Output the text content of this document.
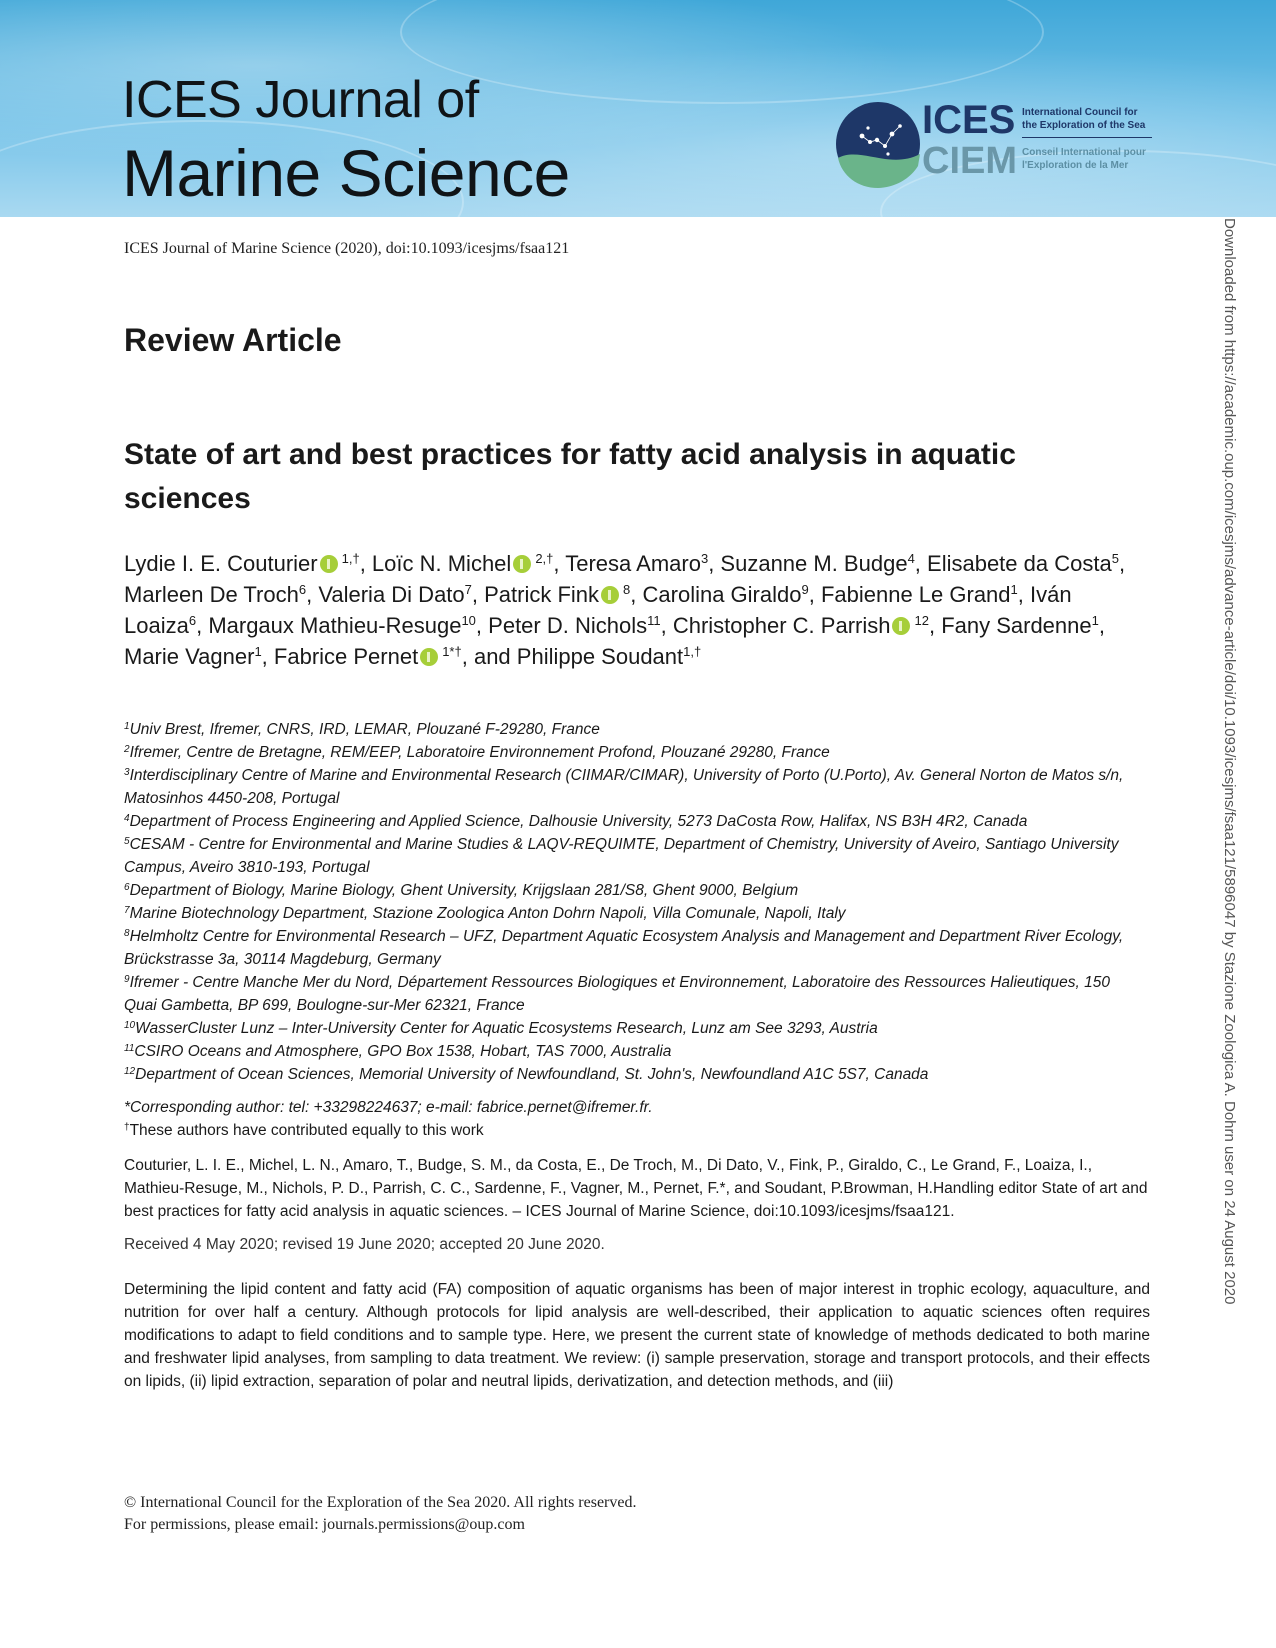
ICES Journal of
Marine Science
ICES
CIEM
International Council for the Exploration of the Sea
Conseil International pour l'Exploration de la Mer
ICES Journal of Marine Science (2020), doi:10.1093/icesjms/fsaa121
Review Article
State of art and best practices for fatty acid analysis in aquatic sciences
Lydie I. E. Couturier $^{1,\dagger}$, Loïc N. Michel $^{2,\dagger}$, Teresa Amaro$^3$, Suzanne M. Budge$^4$, Elisabete da Costa$^5$, Marleen De Troch$^6$, Valeria Di Dato$^7$, Patrick Fink $^8$, Carolina Giraldo$^9$, Fabienne Le Grand$^1$, Iván Loaiza$^6$, Margaux Mathieu-Resuge$^{10}$, Peter D. Nichols$^{11}$, Christopher C. Parrish $^{12}$, Fany Sardenne$^1$, Marie Vagner$^1$, Fabrice Pernet $^{1*\dagger}$, and Philippe Soudant$^{1,\dagger}$

$^1$Univ Brest, Ifremer, CNRS, IRD, LEMAR, Plouzané F-29280, France

$^2$Ifremer, Centre de Bretagne, REM/EEP, Laboratoire Environnement Profond, Plouzané 29280, France

$^3$Interdisciplinary Centre of Marine and Environmental Research (CIIMAR/CIMAR), University of Porto (U.Porto), Av. General Norton de Matos s/n, Matosinhos 4450-208, Portugal

$^4$Department of Process Engineering and Applied Science, Dalhousie University, 5273 DaCosta Row, Halifax, NS B3H 4R2, Canada

$^5$CESAM - Centre for Environmental and Marine Studies & LAQV-REQUIMTE, Department of Chemistry, University of Aveiro, Santiago University Campus, Aveiro 3810-193, Portugal

$^6$Department of Biology, Marine Biology, Ghent University, Krijgslaan 281/S8, Ghent 9000, Belgium

$^7$Marine Biotechnology Department, Stazione Zoologica Anton Dohrn Napoli, Villa Comunale, Napoli, Italy

$^8$Helmholtz Centre for Environmental Research – UFZ, Department Aquatic Ecosystem Analysis and Management and Department River Ecology, Brückstrasse 3a, 30114 Magdeburg, Germany

$^9$Ifremer - Centre Manche Mer du Nord, Département Ressources Biologiques et Environnement, Laboratoire des Ressources Halieutiques, 150 Quai Gambetta, BP 699, Boulogne-sur-Mer 62321, France

$^{10}$WasserCluster Lunz – Inter-University Center for Aquatic Ecosystems Research, Lunz am See 3293, Austria

$^{11}$CSIRO Oceans and Atmosphere, GPO Box 1538, Hobart, TAS 7000, Australia

$^{12}$Department of Ocean Sciences, Memorial University of Newfoundland, St. John's, Newfoundland A1C 5S7, Canada

*Corresponding author: tel: +33298224637; e-mail: fabrice.pernet@ifremer.fr.
†These authors have contributed equally to this work
Couturier, L. I. E., Michel, L. N., Amaro, T., Budge, S. M., da Costa, E., De Troch, M., Di Dato, V., Fink, P., Giraldo, C., Le Grand, F., Loaiza, I., Mathieu-Resuge, M., Nichols, P. D., Parrish, C. C., Sardenne, F., Vagner, M., Pernet, F.*, and Soudant, P.Browman, H.Handling editor State of art and best practices for fatty acid analysis in aquatic sciences. – ICES Journal of Marine Science, doi:10.1093/icesjms/fsaa121.
Received 4 May 2020; revised 19 June 2020; accepted 20 June 2020.
Determining the lipid content and fatty acid (FA) composition of aquatic organisms has been of major interest in trophic ecology, aquaculture, and nutrition for over half a century. Although protocols for lipid analysis are well-described, their application to aquatic sciences often requires modifications to adapt to field conditions and to sample type. Here, we present the current state of knowledge of methods dedicated to both marine and freshwater lipid analyses, from sampling to data treatment. We review: (i) sample preservation, storage and transport protocols, and their effects on lipids, (ii) lipid extraction, separation of polar and neutral lipids, derivatization, and detection methods, and (iii)
© International Council for the Exploration of the Sea 2020. All rights reserved.
For permissions, please email: journals.permissions@oup.com
Downloaded from https://academic.oup.com/icesjms/advance-article/doi/10.1093/icesjms/fsaa121/5896047 by Stazione Zoologica A. Dohrn user on 24 August 2020
